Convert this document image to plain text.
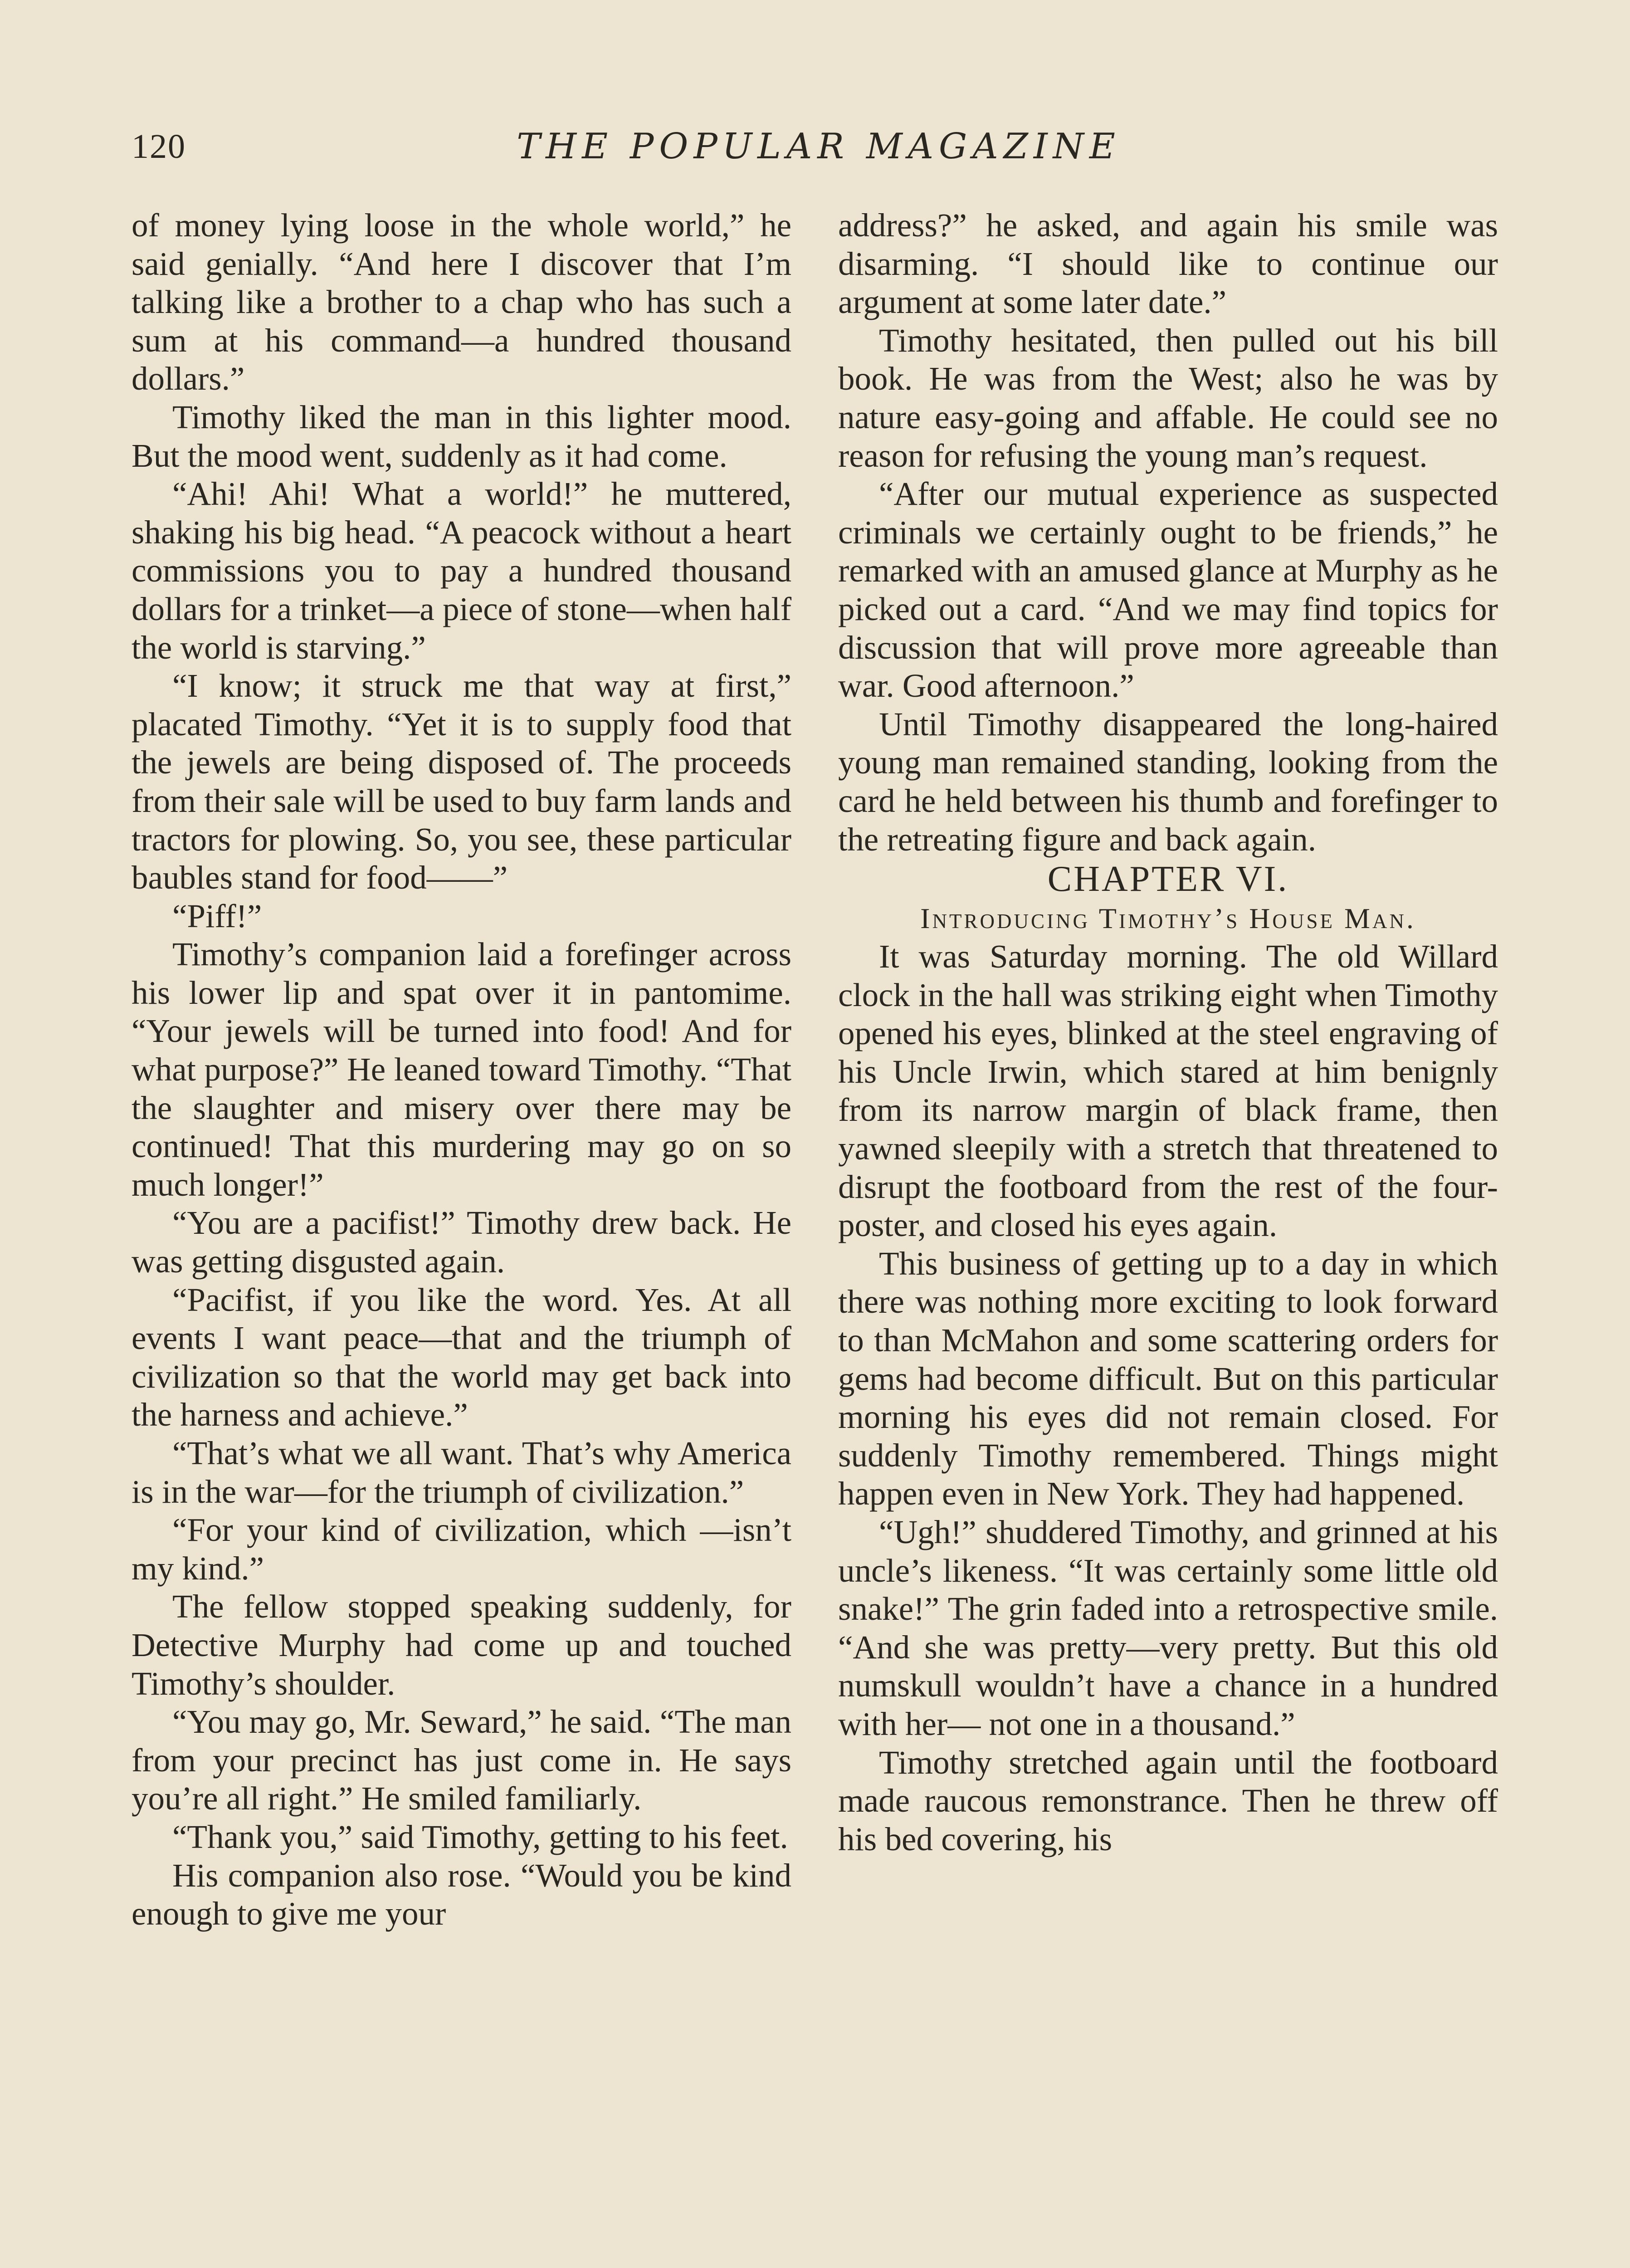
120	THE POPULAR MAGAZINE

of money lying loose in the whole world,” he said genially. “And here I discover that I’m talking like a brother to a chap who has such a sum at his command—a hundred thousand dollars.”

Timothy liked the man in this lighter mood. But the mood went, suddenly as it had come.

“Ahi! Ahi! What a world!” he muttered, shaking his big head. “A peacock without a heart commissions you to pay a hundred thousand dollars for a trinket—a piece of stone—when half the world is starving.”

“I know; it struck me that way at first,” placated Timothy. “Yet it is to supply food that the jewels are being disposed of. The proceeds from their sale will be used to buy farm lands and tractors for plowing. So, you see, these particular baubles stand for food——”

“Piff!”

Timothy’s companion laid a forefinger across his lower lip and spat over it in pantomime. “Your jewels will be turned into food! And for what purpose?” He leaned toward Timothy. “That the slaughter and misery over there may be continued! That this murdering may go on so much longer!”

“You are a pacifist!” Timothy drew back. He was getting disgusted again.

“Pacifist, if you like the word. Yes. At all events I want peace—that and the triumph of civilization so that the world may get back into the harness and achieve.”

“That’s what we all want. That’s why America is in the war—for the triumph of civilization.”

“For your kind of civilization, which —isn’t my kind.”

The fellow stopped speaking suddenly, for Detective Murphy had come up and touched Timothy’s shoulder.

“You may go, Mr. Seward,” he said. “The man from your precinct has just come in. He says you’re all right.” He smiled familiarly.

“Thank you,” said Timothy, getting to his feet.

His companion also rose. “Would you be kind enough to give me your

address?” he asked, and again his smile was disarming. “I should like to continue our argument at some later date.”

Timothy hesitated, then pulled out his bill book. He was from the West; also he was by nature easy-going and affable. He could see no reason for refusing the young man’s request.

“After our mutual experience as suspected criminals we certainly ought to be friends,” he remarked with an amused glance at Murphy as he picked out a card. “And we may find topics for discussion that will prove more agreeable than war. Good afternoon.”

Until Timothy disappeared the long-haired young man remained standing, looking from the card he held between his thumb and forefinger to the retreating figure and back again.

CHAPTER VI.

Introducing Timothy’s House Man.

It was Saturday morning. The old Willard clock in the hall was striking eight when Timothy opened his eyes, blinked at the steel engraving of his Uncle Irwin, which stared at him benignly from its narrow margin of black frame, then yawned sleepily with a stretch that threatened to disrupt the footboard from the rest of the four-poster, and closed his eyes again.

This business of getting up to a day in which there was nothing more exciting to look forward to than McMahon and some scattering orders for gems had become difficult. But on this particular morning his eyes did not remain closed. For suddenly Timothy remembered. Things might happen even in New York. They had happened.

“Ugh!” shuddered Timothy, and grinned at his uncle’s likeness. “It was certainly some little old snake!” The grin faded into a retrospective smile. “And she was pretty—very pretty. But this old numskull wouldn’t have a chance in a hundred with her— not one in a thousand.”

Timothy stretched again until the footboard made raucous remonstrance. Then he threw off his bed covering, his
